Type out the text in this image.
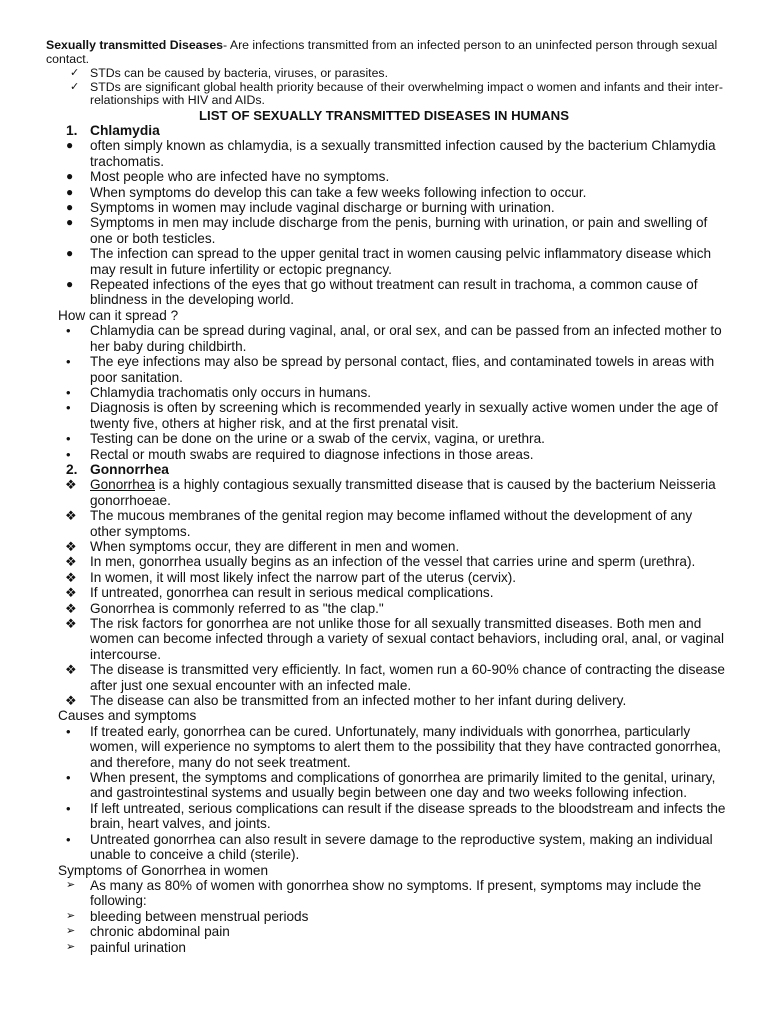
Sexually transmitted Diseases- Are infections transmitted from an infected person to an uninfected person through sexual contact.
✓ STDs can be caused by bacteria, viruses, or parasites.
✓ STDs are significant global health priority because of their overwhelming impact o women and infants and their inter-relationships with HIV and AIDs.
LIST OF SEXUALLY TRANSMITTED DISEASES IN HUMANS
1. Chlamydia
● often simply known as chlamydia, is a sexually transmitted infection caused by the bacterium Chlamydia trachomatis.
● Most people who are infected have no symptoms.
● When symptoms do develop this can take a few weeks following infection to occur.
● Symptoms in women may include vaginal discharge or burning with urination.
● Symptoms in men may include discharge from the penis, burning with urination, or pain and swelling of one or both testicles.
● The infection can spread to the upper genital tract in women causing pelvic inflammatory disease which may result in future infertility or ectopic pregnancy.
● Repeated infections of the eyes that go without treatment can result in trachoma, a common cause of blindness in the developing world.
How can it spread ?
• Chlamydia can be spread during vaginal, anal, or oral sex, and can be passed from an infected mother to her baby during childbirth.
• The eye infections may also be spread by personal contact, flies, and contaminated towels in areas with poor sanitation.
• Chlamydia trachomatis only occurs in humans.
• Diagnosis is often by screening which is recommended yearly in sexually active women under the age of twenty five, others at higher risk, and at the first prenatal visit.
• Testing can be done on the urine or a swab of the cervix, vagina, or urethra.
• Rectal or mouth swabs are required to diagnose infections in those areas.
2. Gonnorrhea
❖ Gonorrhea is a highly contagious sexually transmitted disease that is caused by the bacterium Neisseria gonorrhoeae.
❖ The mucous membranes of the genital region may become inflamed without the development of any other symptoms.
❖ When symptoms occur, they are different in men and women.
❖ In men, gonorrhea usually begins as an infection of the vessel that carries urine and sperm (urethra).
❖ In women, it will most likely infect the narrow part of the uterus (cervix).
❖ If untreated, gonorrhea can result in serious medical complications.
❖ Gonorrhea is commonly referred to as "the clap."
❖ The risk factors for gonorrhea are not unlike those for all sexually transmitted diseases. Both men and women can become infected through a variety of sexual contact behaviors, including oral, anal, or vaginal intercourse.
❖ The disease is transmitted very efficiently. In fact, women run a 60-90% chance of contracting the disease after just one sexual encounter with an infected male.
❖ The disease can also be transmitted from an infected mother to her infant during delivery.
Causes and symptoms
• If treated early, gonorrhea can be cured. Unfortunately, many individuals with gonorrhea, particularly women, will experience no symptoms to alert them to the possibility that they have contracted gonorrhea, and therefore, many do not seek treatment.
• When present, the symptoms and complications of gonorrhea are primarily limited to the genital, urinary, and gastrointestinal systems and usually begin between one day and two weeks following infection.
• If left untreated, serious complications can result if the disease spreads to the bloodstream and infects the brain, heart valves, and joints.
• Untreated gonorrhea can also result in severe damage to the reproductive system, making an individual unable to conceive a child (sterile).
Symptoms of Gonorrhea in women
➢ As many as 80% of women with gonorrhea show no symptoms. If present, symptoms may include the following:
➢ bleeding between menstrual periods
➢ chronic abdominal pain
➢ painful urination
